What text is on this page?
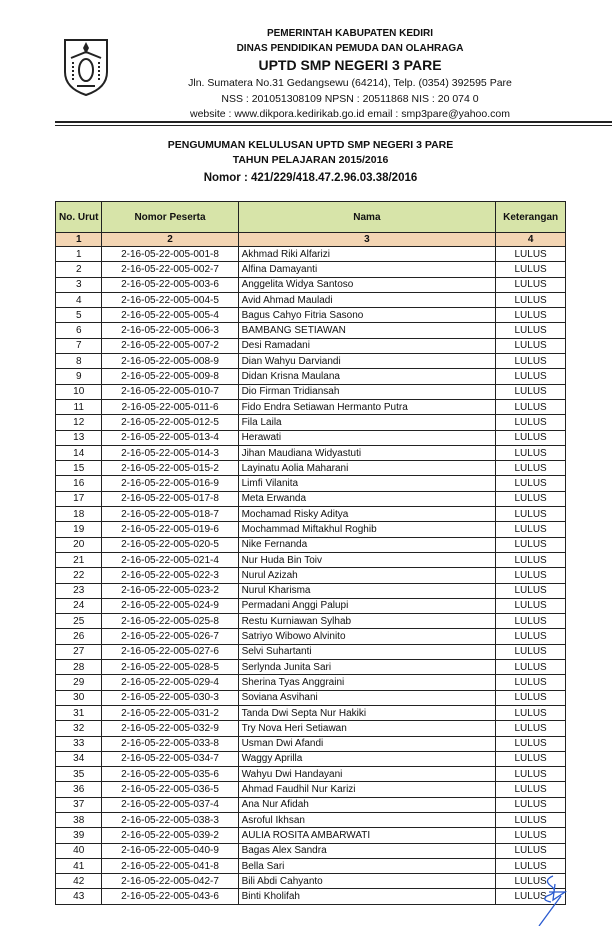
PEMERINTAH KABUPATEN KEDIRI
DINAS PENDIDIKAN PEMUDA DAN OLAHRAGA
UPTD SMP NEGERI 3 PARE
Jln. Sumatera No.31 Gedangsewu (64214), Telp. (0354) 392595 Pare
NSS : 201051308109 NPSN : 20511868 NIS : 20 074 0
website : www.dikpora.kedirikab.go.id email : smp3pare@yahoo.com
PENGUMUMAN KELULUSAN UPTD SMP NEGERI 3 PARE
TAHUN PELAJARAN 2015/2016
Nomor : 421/229/418.47.2.96.03.38/2016
No. Urut	Nomor Peserta	Nama	Keterangan
1	2	3	4
1	2-16-05-22-005-001-8	Akhmad Riki Alfarizi	LULUS
2	2-16-05-22-005-002-7	Alfina Damayanti	LULUS
3	2-16-05-22-005-003-6	Anggelita Widya Santoso	LULUS
4	2-16-05-22-005-004-5	Avid Ahmad Mauladi	LULUS
5	2-16-05-22-005-005-4	Bagus Cahyo Fitria Sasono	LULUS
6	2-16-05-22-005-006-3	BAMBANG SETIAWAN	LULUS
7	2-16-05-22-005-007-2	Desi Ramadani	LULUS
8	2-16-05-22-005-008-9	Dian Wahyu Darviandi	LULUS
9	2-16-05-22-005-009-8	Didan Krisna Maulana	LULUS
10	2-16-05-22-005-010-7	Dio Firman Tridiansah	LULUS
11	2-16-05-22-005-011-6	Fido Endra Setiawan Hermanto Putra	LULUS
12	2-16-05-22-005-012-5	Fila Laila	LULUS
13	2-16-05-22-005-013-4	Herawati	LULUS
14	2-16-05-22-005-014-3	Jihan Maudiana Widyastuti	LULUS
15	2-16-05-22-005-015-2	Layinatu Aolia Maharani	LULUS
16	2-16-05-22-005-016-9	Limfi Vilanita	LULUS
17	2-16-05-22-005-017-8	Meta Erwanda	LULUS
18	2-16-05-22-005-018-7	Mochamad Risky Aditya	LULUS
19	2-16-05-22-005-019-6	Mochammad Miftakhul Roghib	LULUS
20	2-16-05-22-005-020-5	Nike Fernanda	LULUS
21	2-16-05-22-005-021-4	Nur Huda Bin Toiv	LULUS
22	2-16-05-22-005-022-3	Nurul Azizah	LULUS
23	2-16-05-22-005-023-2	Nurul Kharisma	LULUS
24	2-16-05-22-005-024-9	Permadani Anggi Palupi	LULUS
25	2-16-05-22-005-025-8	Restu Kurniawan Sylhab	LULUS
26	2-16-05-22-005-026-7	Satriyo Wibowo Alvinito	LULUS
27	2-16-05-22-005-027-6	Selvi Suhartanti	LULUS
28	2-16-05-22-005-028-5	Serlynda Junita Sari	LULUS
29	2-16-05-22-005-029-4	Sherina Tyas Anggraini	LULUS
30	2-16-05-22-005-030-3	Soviana Asvihani	LULUS
31	2-16-05-22-005-031-2	Tanda Dwi Septa Nur Hakiki	LULUS
32	2-16-05-22-005-032-9	Try Nova Heri Setiawan	LULUS
33	2-16-05-22-005-033-8	Usman Dwi Afandi	LULUS
34	2-16-05-22-005-034-7	Waggy Aprilla	LULUS
35	2-16-05-22-005-035-6	Wahyu Dwi Handayani	LULUS
36	2-16-05-22-005-036-5	Ahmad Faudhil Nur Karizi	LULUS
37	2-16-05-22-005-037-4	Ana Nur Afidah	LULUS
38	2-16-05-22-005-038-3	Asroful Ikhsan	LULUS
39	2-16-05-22-005-039-2	AULIA ROSITA AMBARWATI	LULUS
40	2-16-05-22-005-040-9	Bagas Alex Sandra	LULUS
41	2-16-05-22-005-041-8	Bella Sari	LULUS
42	2-16-05-22-005-042-7	Bili Abdi Cahyanto	LULUS
43	2-16-05-22-005-043-6	Binti Kholifah	LULUS
